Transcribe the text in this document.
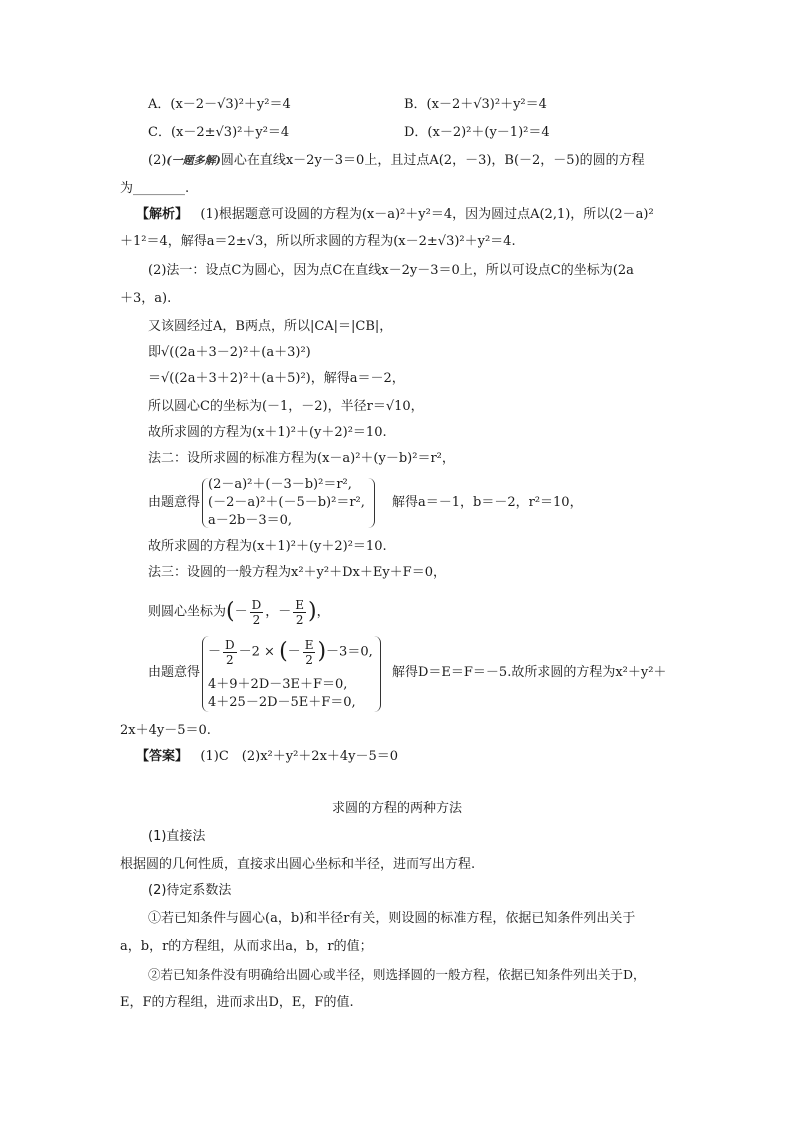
A．(x－2－√3)²＋y²＝4	B．(x－2＋√3)²＋y²＝4
C．(x－2±√3)²＋y²＝4	D．(x－2)²＋(y－1)²＝4
(2)(一题多解)圆心在直线x－2y－3＝0上，且过点A(2，－3)，B(－2，－5)的圆的方程
为________.
【解析】 (1)根据题意可设圆的方程为(x－a)²＋y²＝4，因为圆过点A(2,1)，所以(2－a)²
＋1²＝4，解得a＝2±√3，所以所求圆的方程为(x－2±√3)²＋y²＝4.
(2)法一：设点C为圆心，因为点C在直线x－2y－3＝0上，所以可设点C的坐标为(2a
＋3，a).
又该圆经过A，B两点，所以|CA|＝|CB|，
即√((2a＋3－2)²＋(a＋3)²)
＝√((2a＋3＋2)²＋(a＋5)²)，解得a＝－2，
所以圆心C的坐标为(－1，－2)，半径r＝√10，
故所求圆的方程为(x＋1)²＋(y＋2)²＝10.
法二：设所求圆的标准方程为(x－a)²＋(y－b)²＝r²，
由题意得
(2－a)²＋(－3－b)²＝r²,
(－2－a)²＋(－5－b)²＝r²,
a－2b－3＝0,
解得a＝－1，b＝－2，r²＝10，
故所求圆的方程为(x＋1)²＋(y＋2)²＝10.
法三：设圆的一般方程为x²＋y²＋Dx＋Ey＋F＝0，
则圆心坐标为(－ $\frac{D}{2}$ ，－ $\frac{E}{2}$ )，
由题意得
－ $\frac{D}{2} -2$ × (－ $\frac{E}{2} )-3=0$,
4＋9＋2D－3E＋F＝0,
4＋25－2D－5E＋F＝0,
解得D＝E＝F＝－5.故所求圆的方程为x²＋y²＋
2x＋4y－5＝0.
【答案】 (1)C　(2)x²＋y²＋2x＋4y－5＝0
求圆的方程的两种方法
(1)直接法
根据圆的几何性质，直接求出圆心坐标和半径，进而写出方程.
(2)待定系数法
①若已知条件与圆心(a，b)和半径r有关，则设圆的标准方程，依据已知条件列出关于
a，b，r的方程组，从而求出a，b，r的值；
②若已知条件没有明确给出圆心或半径，则选择圆的一般方程，依据已知条件列出关于D，
E，F的方程组，进而求出D，E，F的值.
